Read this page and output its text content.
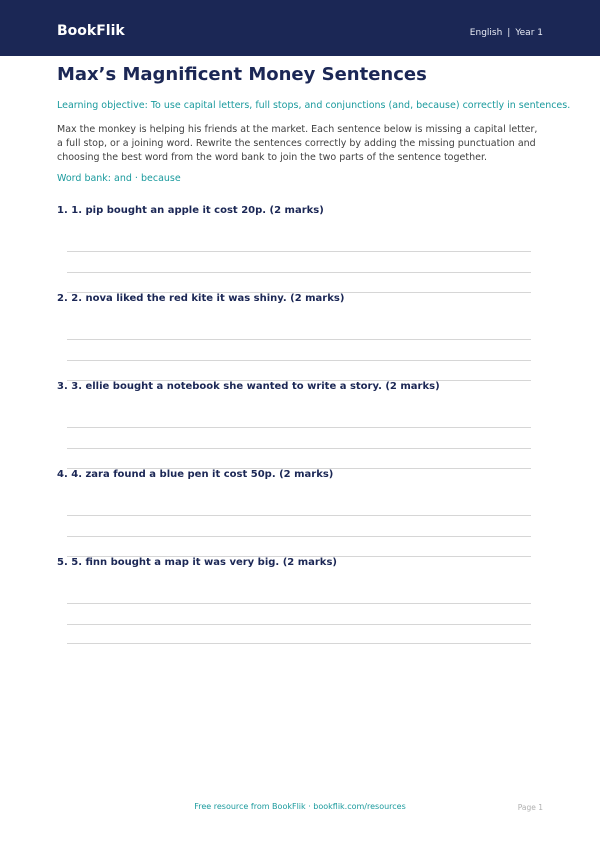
BookFlik	English | Year 1
Max’s Magnificent Money Sentences
Learning objective: To use capital letters, full stops, and conjunctions (and, because) correctly in sentences.
Max the monkey is helping his friends at the market. Each sentence below is missing a capital letter, a full stop, or a joining word. Rewrite the sentences correctly by adding the missing punctuation and choosing the best word from the word bank to join the two parts of the sentence together.
Word bank: and · because
1. 1. pip bought an apple it cost 20p. (2 marks)
2. 2. nova liked the red kite it was shiny. (2 marks)
3. 3. ellie bought a notebook she wanted to write a story. (2 marks)
4. 4. zara found a blue pen it cost 50p. (2 marks)
5. 5. finn bought a map it was very big. (2 marks)
Free resource from BookFlik · bookflik.com/resources	Page 1
